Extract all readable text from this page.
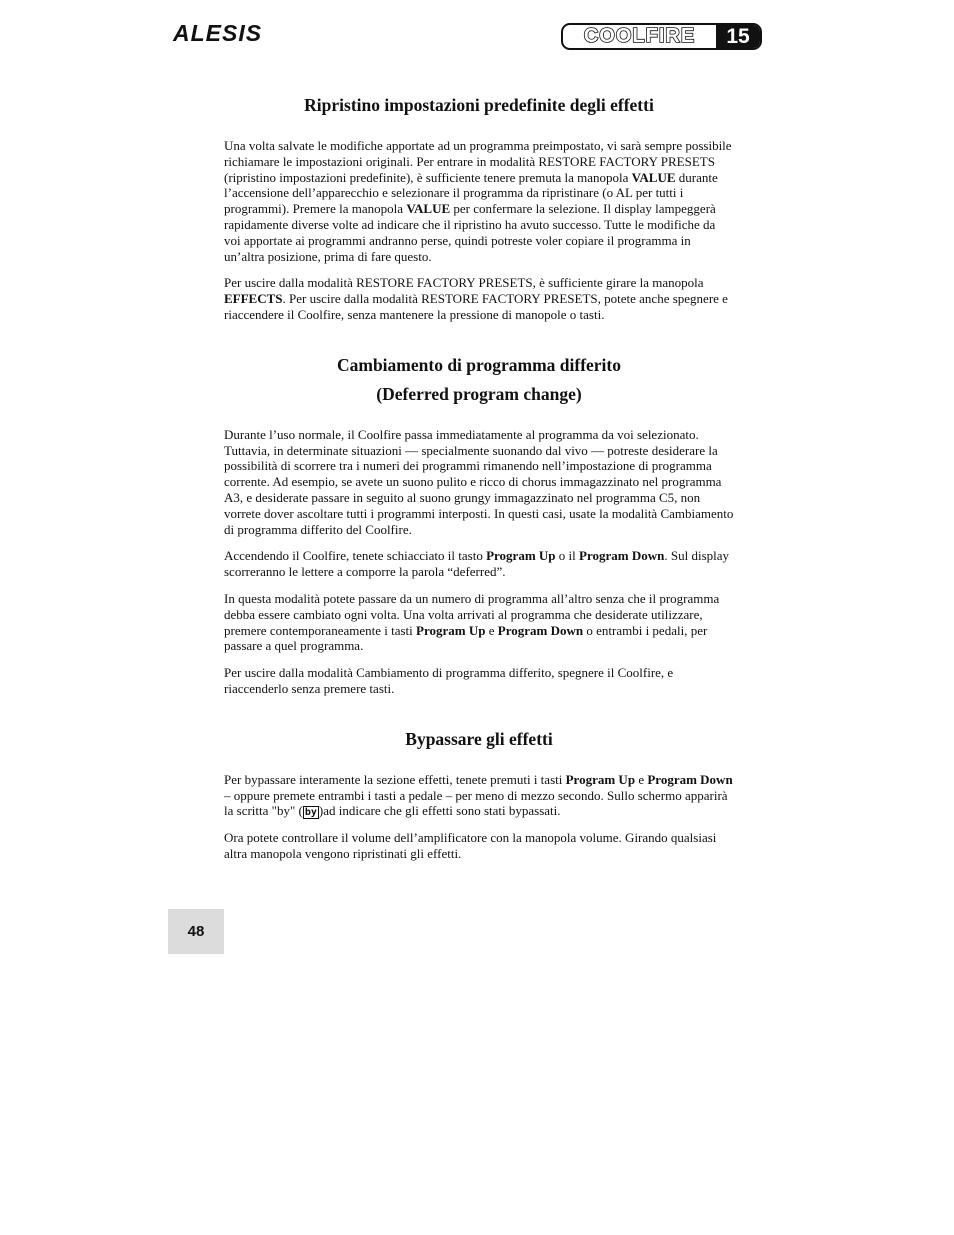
ALESIS	COOLFIRE	15
Ripristino impostazioni predefinite degli effetti

Una volta salvate le modifiche apportate ad un programma preimpostato, vi sarà sempre possibile richiamare le impostazioni originali. Per entrare in modalità RESTORE FACTORY PRESETS (ripristino impostazioni predefinite), è sufficiente tenere premuta la manopola VALUE durante l’accensione dell’apparecchio e selezionare il programma da ripristinare (o AL per tutti i programmi). Premere la manopola VALUE per confermare la selezione. Il display lampeggerà rapidamente diverse volte ad indicare che il ripristino ha avuto successo. Tutte le modifiche da voi apportate ai programmi andranno perse, quindi potreste voler copiare il programma in un’altra posizione, prima di fare questo.

Per uscire dalla modalità RESTORE FACTORY PRESETS, è sufficiente girare la manopola EFFECTS. Per uscire dalla modalità RESTORE FACTORY PRESETS, potete anche spegnere e riaccendere il Coolfire, senza mantenere la pressione di manopole o tasti.

Cambiamento di programma differito
(Deferred program change)

Durante l’uso normale, il Coolfire passa immediatamente al programma da voi selezionato. Tuttavia, in determinate situazioni — specialmente suonando dal vivo — potreste desiderare la possibilità di scorrere tra i numeri dei programmi rimanendo nell’impostazione di programma corrente. Ad esempio, se avete un suono pulito e ricco di chorus immagazzinato nel programma A3, e desiderate passare in seguito al suono grungy immagazzinato nel programma C5, non vorrete dover ascoltare tutti i programmi interposti. In questi casi, usate la modalità Cambiamento di programma differito del Coolfire.

Accendendo il Coolfire, tenete schiacciato il tasto Program Up o il Program Down. Sul display scorreranno le lettere a comporre la parola “deferred”.

In questa modalità potete passare da un numero di programma all’altro senza che il programma debba essere cambiato ogni volta. Una volta arrivati al programma che desiderate utilizzare, premere contemporaneamente i tasti Program Up e Program Down o entrambi i pedali, per passare a quel programma.

Per uscire dalla modalità Cambiamento di programma differito, spegnere il Coolfire, e riaccenderlo senza premere tasti.

Bypassare gli effetti

Per bypassare interamente la sezione effetti, tenete premuti i tasti Program Up e Program Down – oppure premete entrambi i tasti a pedale – per meno di mezzo secondo. Sullo schermo apparirà la scritta "by" ( by )ad indicare che gli effetti sono stati bypassati.

Ora potete controllare il volume dell’amplificatore con la manopola volume. Girando qualsiasi altra manopola vengono ripristinati gli effetti.

48
